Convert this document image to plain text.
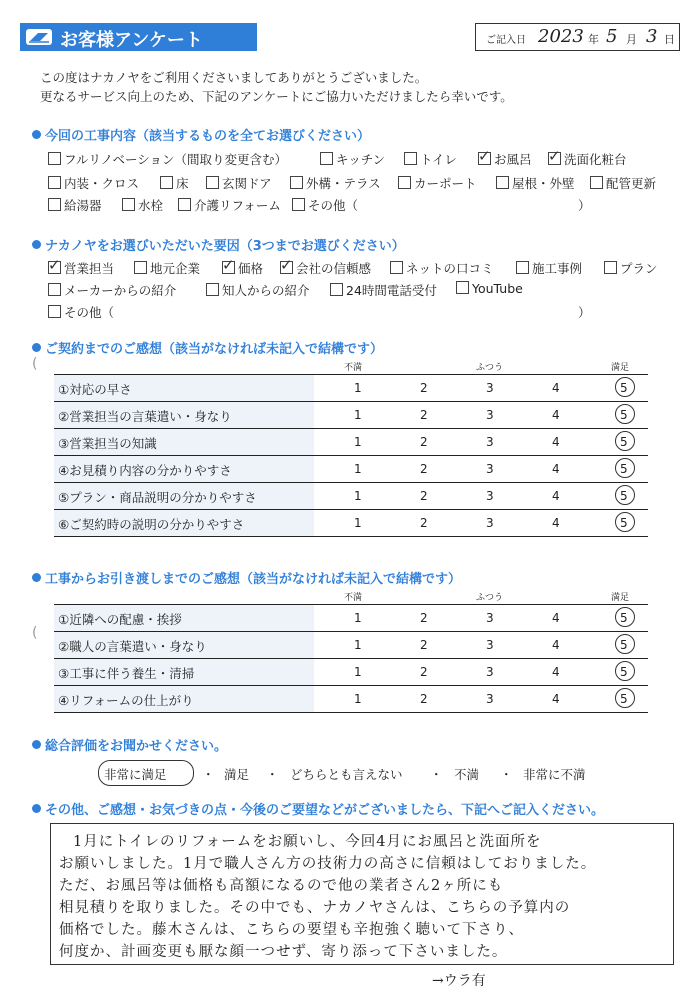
お客様アンケート	ご記入日 2023 年 5 月 3 日
この度はナカノヤをご利用くださいましてありがとうございました。
更なるサービス向上のため、下記のアンケートにご協力いただけましたら幸いです。
今回の工事内容（該当するものを全てお選びください）
フルリノベーション（間取り変更含む）	キッチン	トイレ ✓ お風呂 ✓ 洗面化粧台
内装・クロス	床	玄関ドア	外構・テラス	カーポート	屋根・外壁	配管更新
給湯器	水栓	介護リフォーム	その他（	）
ナカノヤをお選びいただいた要因（3つまでお選びください）
✓ 営業担当	地元企業 ✓ 価格 ✓ 会社の信頼感	ネットの口コミ	施工事例	プラン
メーカーからの紹介	知人からの紹介	24時間電話受付	YouTube
その他（	）
ご契約までのご感想（該当がなければ未記入で結構です）
(	不満	ふつう	満足
①対応の早さ	1	2	3	4	5
②営業担当の言葉遣い・身なり	1	2	3	4	5
③営業担当の知識	1	2	3	4	5
④お見積り内容の分かりやすさ	1	2	3	4	5
⑤プラン・商品説明の分かりやすさ	1	2	3	4	5
⑥ご契約時の説明の分かりやすさ	1	2	3	4	5
工事からお引き渡しまでのご感想（該当がなければ未記入で結構です）
(
不満	ふつう	満足
①近隣への配慮・挨拶	1	2	3	4	5
②職人の言葉遣い・身なり	1	2	3	4	5
③工事に伴う養生・清掃	1	2	3	4	5
④リフォームの仕上がり	1	2	3	4	5
総合評価をお聞かせください。
非常に満足	満足	どちらとも言えない	不満	非常に不満
・	・	・	・
その他、ご感想・お気づきの点・今後のご要望などがございましたら、下記へご記入ください。
1月にトイレのリフォームをお願いし、今回4月にお風呂と洗面所を
お願いしました。1月で職人さん方の技術力の高さに信頼はしておりました。
ただ、お風呂等は価格も高額になるので他の業者さん2ヶ所にも
相見積りを取りました。その中でも、ナカノヤさんは、こちらの予算内の
価格でした。藤木さんは、こちらの要望も辛抱強く聴いて下さり、
何度か、計画変更も厭な顔一つせず、寄り添って下さいました。
→ウラ有
